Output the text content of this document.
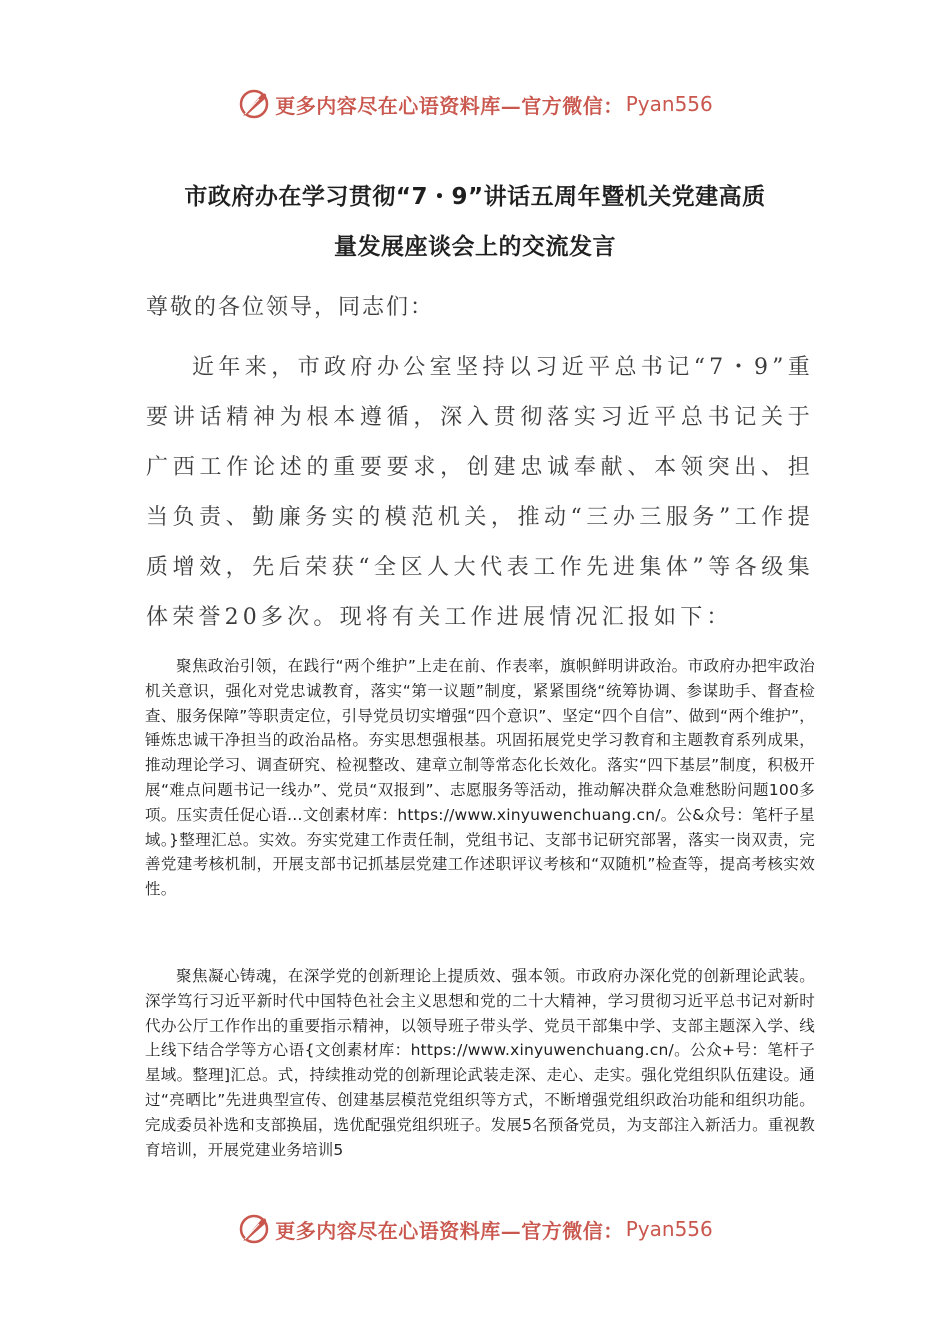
更多内容尽在心语资料库—官方微信： Pyan556
市政府办在学习贯彻“7・9”讲话五周年暨机关党建高质
量发展座谈会上的交流发言
尊敬的各位领导，同志们：

近年来，市政府办公室坚持以习近平总书记“7・9”重要讲话精神为根本遵循，深入贯彻落实习近平总书记关于广西工作论述的重要要求，创建忠诚奉献、本领突出、担当负责、勤廉务实的模范机关，推动“三办三服务”工作提质增效，先后荣获“全区人大代表工作先进集体”等各级集体荣誉20多次。现将有关工作进展情况汇报如下：

聚焦政治引领，在践行“两个维护”上走在前、作表率，旗帜鲜明讲政治。市政府办把牢政治机关意识，强化对党忠诚教育，落实“第一议题”制度，紧紧围绕“统筹协调、参谋助手、督查检查、服务保障”等职责定位，引导党员切实增强“四个意识”、坚定“四个自信”、做到“两个维护”，锤炼忠诚干净担当的政治品格。夯实思想强根基。巩固拓展党史学习教育和主题教育系列成果，推动理论学习、调查研究、检视整改、建章立制等常态化长效化。落实“四下基层”制度，积极开展“难点问题书记一线办”、党员“双报到”、志愿服务等活动，推动解决群众急难愁盼问题100多项。压实责任促心语…文创素材库：https://www.xinyuwenchuang.cn/。公&众号：笔杆子星域。}整理汇总。实效。夯实党建工作责任制，党组书记、支部书记研究部署，落实一岗双责，完善党建考核机制，开展支部书记抓基层党建工作述职评议考核和“双随机”检查等，提高考核实效性。

聚焦凝心铸魂，在深学党的创新理论上提质效、强本领。市政府办深化党的创新理论武装。深学笃行习近平新时代中国特色社会主义思想和党的二十大精神，学习贯彻习近平总书记对新时代办公厅工作作出的重要指示精神，以领导班子带头学、党员干部集中学、支部主题深入学、线上线下结合学等方心语{文创素材库：https://www.xinyuwenchuang.cn/。公众+号：笔杆子星域。整理]汇总。式，持续推动党的创新理论武装走深、走心、走实。强化党组织队伍建设。通过“亮晒比”先进典型宣传、创建基层模范党组织等方式，不断增强党组织政治功能和组织功能。完成委员补选和支部换届，选优配强党组织班子。发展5名预备党员，为支部注入新活力。重视教育培训，开展党建业务培训5

更多内容尽在心语资料库—官方微信： Pyan556
